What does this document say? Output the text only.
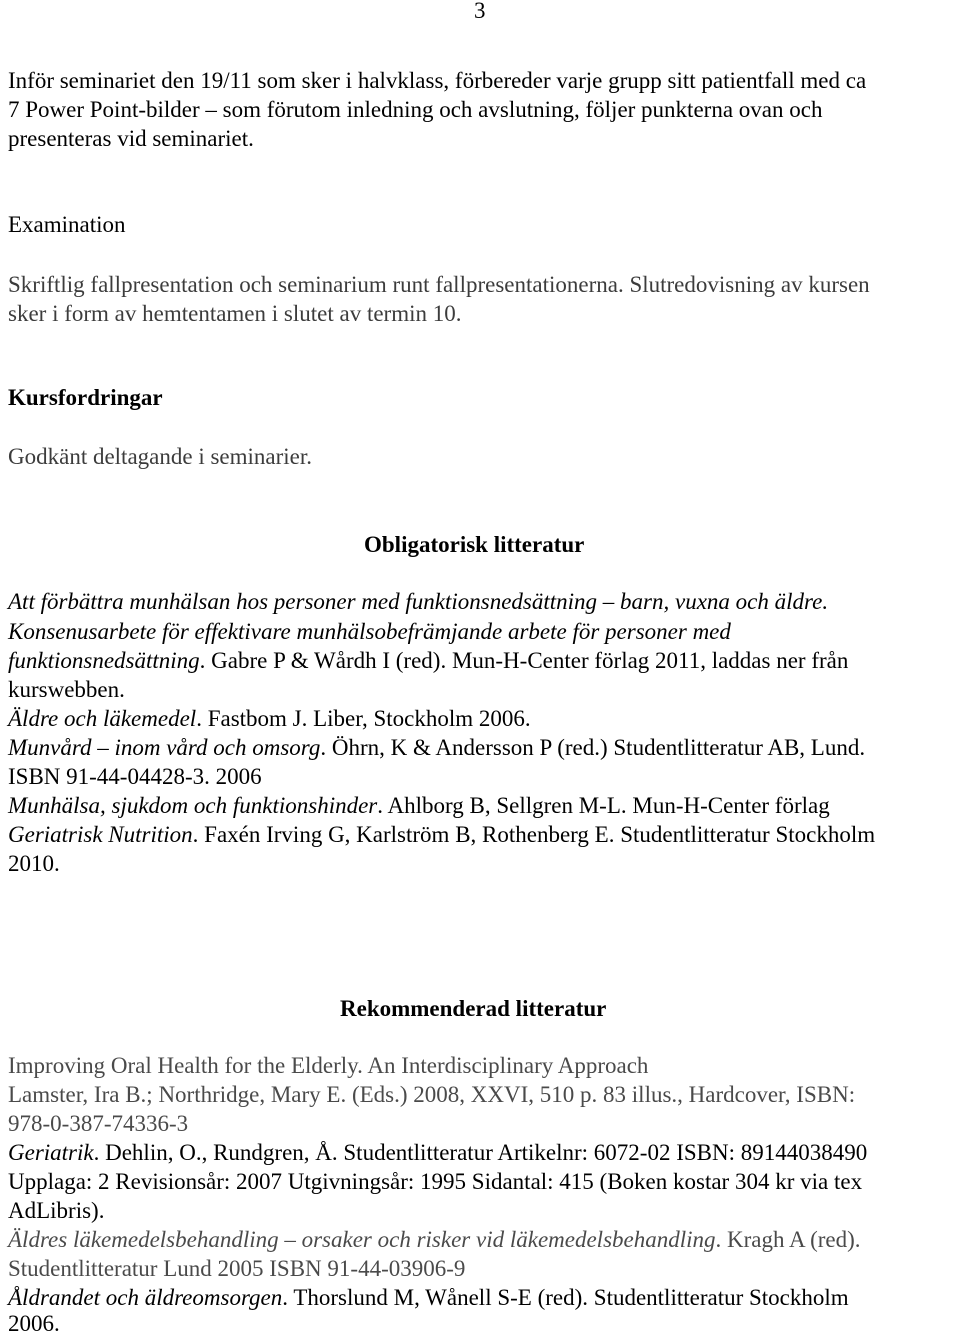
3
Inför seminariet den 19/11 som sker i halvklass, förbereder varje grupp sitt patientfall med ca
7 Power Point-bilder – som förutom inledning och avslutning, följer punkterna ovan och
presenteras vid seminariet.
Examination
Skriftlig fallpresentation och seminarium runt fallpresentationerna. Slutredovisning av kursen
sker i form av hemtentamen i slutet av termin 10.
Kursfordringar
Godkänt deltagande i seminarier.
Obligatorisk litteratur
Att förbättra munhälsan hos personer med funktionsnedsättning – barn, vuxna och äldre.
Konsenusarbete för effektivare munhälsobefrämjande arbete för personer med
funktionsnedsättning. Gabre P & Wårdh I (red). Mun-H-Center förlag 2011, laddas ner från
kurswebben.
Äldre och läkemedel. Fastbom J. Liber, Stockholm 2006.
Munvård – inom vård och omsorg. Öhrn, K & Andersson P (red.) Studentlitteratur AB, Lund.
ISBN 91-44-04428-3. 2006
Munhälsa, sjukdom och funktionshinder. Ahlborg B, Sellgren M-L. Mun-H-Center förlag
Geriatrisk Nutrition. Faxén Irving G, Karlström B, Rothenberg E. Studentlitteratur Stockholm
2010.
Rekommenderad litteratur
Improving Oral Health for the Elderly. An Interdisciplinary Approach
Lamster, Ira B.; Northridge, Mary E. (Eds.) 2008, XXVI, 510 p. 83 illus., Hardcover, ISBN:
978-0-387-74336-3
Geriatrik. Dehlin, O., Rundgren, Å. Studentlitteratur Artikelnr: 6072-02 ISBN: 89144038490
Upplaga: 2 Revisionsår: 2007 Utgivningsår: 1995 Sidantal: 415 (Boken kostar 304 kr via tex
AdLibris).
Äldres läkemedelsbehandling – orsaker och risker vid läkemedelsbehandling. Kragh A (red).
Studentlitteratur Lund 2005 ISBN 91-44-03906-9
Åldrandet och äldreomsorgen. Thorslund M, Wånell S-E (red). Studentlitteratur Stockholm
2006.
